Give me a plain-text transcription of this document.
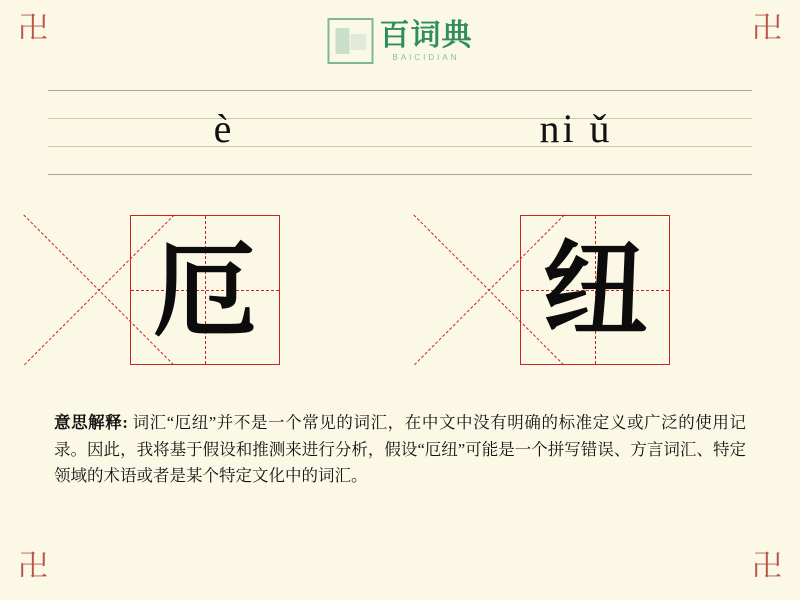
卍	卍
卍	卍
百词典
BAICIDIAN
è	ni ǔ
厄	纽
意思解释: 词汇“厄纽”并不是一个常见的词汇，在中文中没有明确的标准定义或广泛的使用记录。因此，我将基于假设和推测来进行分析，假设“厄纽”可能是一个拼写错误、方言词汇、特定领域的术语或者是某个特定文化中的词汇。
